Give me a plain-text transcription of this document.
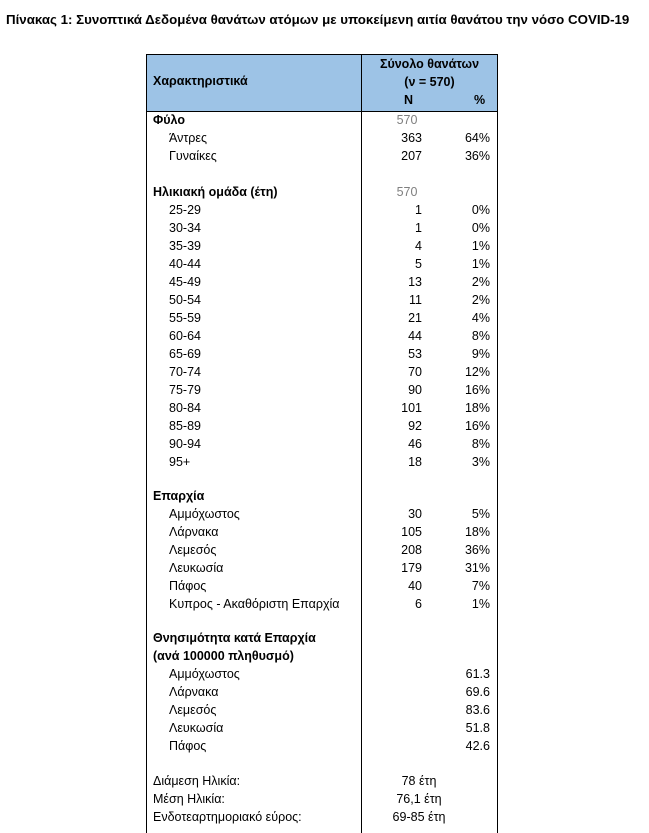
Πίνακας 1: Συνοπτικά Δεδομένα θανάτων ατόμων με υποκείμενη αιτία θανάτου την νόσο COVID-19
Χαρακτηριστικά
Σύνολο θανάτων
(ν = 570)
N	%
Φύλο	570
Άντρες	363	64%
Γυναίκες	207	36%
Ηλικιακή ομάδα (έτη)	570
25-29	1	0%
30-34	1	0%
35-39	4	1%
40-44	5	1%
45-49	13	2%
50-54	11	2%
55-59	21	4%
60-64	44	8%
65-69	53	9%
70-74	70	12%
75-79	90	16%
80-84	101	18%
85-89	92	16%
90-94	46	8%
95+	18	3%
Επαρχία
Αμμόχωστος	30	5%
Λάρνακα	105	18%
Λεμεσός	208	36%
Λευκωσία	179	31%
Πάφος	40	7%
Κυπρος - Ακαθόριστη Επαρχία	6	1%
Θνησιμότητα κατά Επαρχία
(ανά 100000 πληθυσμό)
Αμμόχωστος	61.3
Λάρνακα	69.6
Λεμεσός	83.6
Λευκωσία	51.8
Πάφος	42.6
Διάμεση Ηλικία:	78 έτη
Μέση Ηλικία:	76,1 έτη
Ενδοτεαρτημοριακό εύρος:	69-85 έτη
